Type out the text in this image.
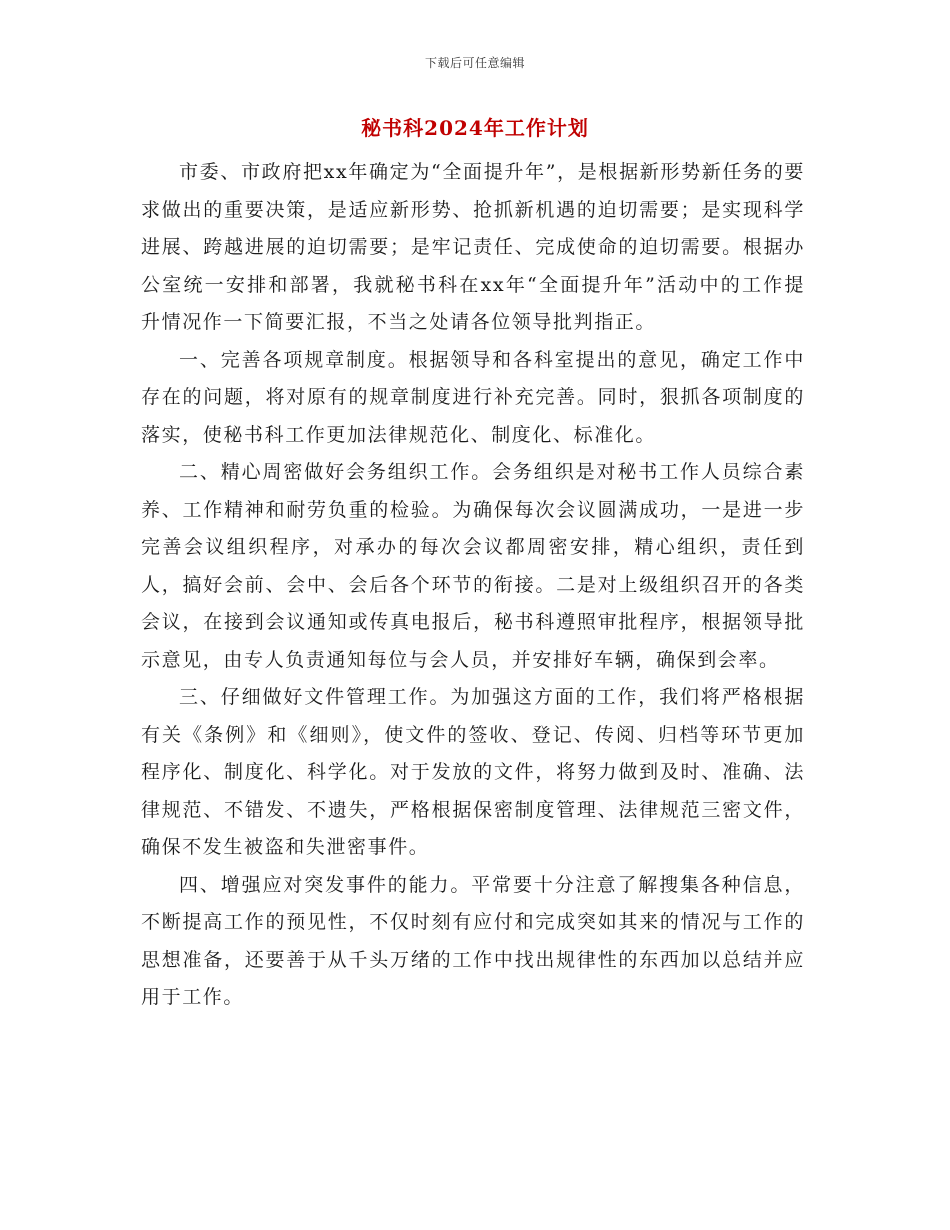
下载后可任意编辑
秘书科2024年工作计划

市委、市政府把xx年确定为“全面提升年”，是根据新形势新任务的要求做出的重要决策，是适应新形势、抢抓新机遇的迫切需要；是实现科学进展、跨越进展的迫切需要；是牢记责任、完成使命的迫切需要。根据办公室统一安排和部署，我就秘书科在xx年“全面提升年”活动中的工作提升情况作一下简要汇报，不当之处请各位领导批判指正。

一、完善各项规章制度。根据领导和各科室提出的意见，确定工作中存在的问题，将对原有的规章制度进行补充完善。同时，狠抓各项制度的落实，使秘书科工作更加法律规范化、制度化、标准化。

二、精心周密做好会务组织工作。会务组织是对秘书工作人员综合素养、工作精神和耐劳负重的检验。为确保每次会议圆满成功，一是进一步完善会议组织程序，对承办的每次会议都周密安排，精心组织，责任到人，搞好会前、会中、会后各个环节的衔接。二是对上级组织召开的各类会议，在接到会议通知或传真电报后，秘书科遵照审批程序，根据领导批示意见，由专人负责通知每位与会人员，并安排好车辆，确保到会率。

三、仔细做好文件管理工作。为加强这方面的工作，我们将严格根据有关《条例》和《细则》，使文件的签收、登记、传阅、归档等环节更加程序化、制度化、科学化。对于发放的文件，将努力做到及时、准确、法律规范、不错发、不遗失，严格根据保密制度管理、法律规范三密文件，确保不发生被盗和失泄密事件。

四、增强应对突发事件的能力。平常要十分注意了解搜集各种信息，不断提高工作的预见性，不仅时刻有应付和完成突如其来的情况与工作的思想准备，还要善于从千头万绪的工作中找出规律性的东西加以总结并应用于工作。
